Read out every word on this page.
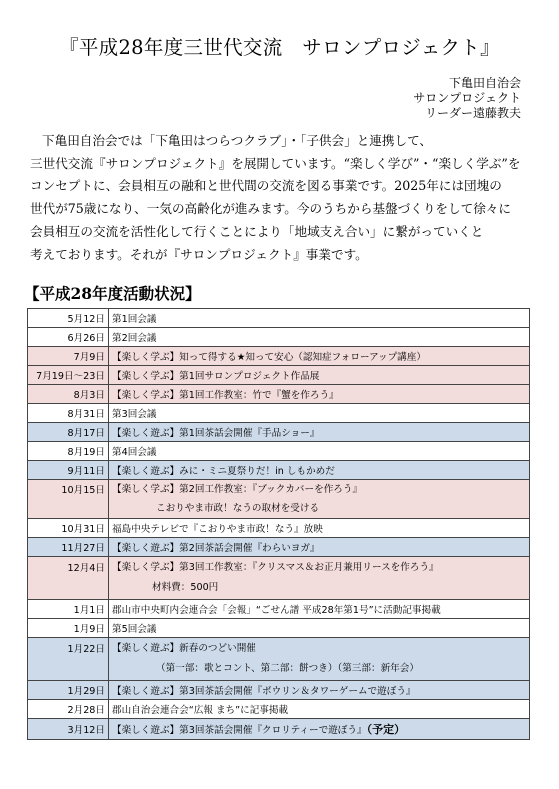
『平成28年度三世代交流　サロンプロジェクト』
下亀田自治会
サロンプロジェクト
リーダー遠藤教夫
下亀田自治会では「下亀田はつらつクラブ」・「子供会」と連携して、
三世代交流『サロンプロジェクト』を展開しています。“楽しく学び”・“楽しく学ぶ”を
コンセプトに、会員相互の融和と世代間の交流を図る事業です。2025年には団塊の
世代が75歳になり、一気の高齢化が進みます。今のうちから基盤づくりをして徐々に
会員相互の交流を活性化して行くことにより「地域支え合い」に繋がっていくと
考えております。それが『サロンプロジェクト』事業です。
【平成28年度活動状況】
5月12日	第1回会議
6月26日	第2回会議
7月9日	【楽しく学ぶ】知って得する★知って安心（認知症フォローアップ講座）
7月19日～23日	【楽しく学ぶ】第1回サロンプロジェクト作品展
8月3日	【楽しく学ぶ】第1回工作教室：竹で『蟹を作ろう』
8月31日	第3回会議
8月17日	【楽しく遊ぶ】第1回茶話会開催『手品ショー』
8月19日	第4回会議
9月11日	【楽しく遊ぶ】みに・ミニ夏祭りだ！in しもかめだ
10月15日	【楽しく学ぶ】第2回工作教室：『ブックカバーを作ろう』
こおりやま市政！なうの取材を受ける

10月31日	福島中央テレビで『こおりやま市政！なう』放映
11月27日	【楽しく遊ぶ】第2回茶話会開催『わらいヨガ』
12月4日	【楽しく学ぶ】第3回工作教室：『クリスマス＆お正月兼用リースを作ろう』
材料費：500円

1月1日	郡山市中央町内会連合会「会報」“ごせん譜 平成28年第1号”に活動記事掲載
1月9日	第5回会議
1月22日	【楽しく遊ぶ】新春のつどい開催
（第一部：歌とコント、第二部：餅つき）（第三部：新年会）

1月29日	【楽しく遊ぶ】第3回茶話会開催『ボウリン＆タワーゲームで遊ぼう』
2月28日	郡山自治会連合会“広報 まち”に記事掲載
3月12日	【楽しく遊ぶ】第3回茶話会開催『クロリティーで遊ぼう』（予定）
